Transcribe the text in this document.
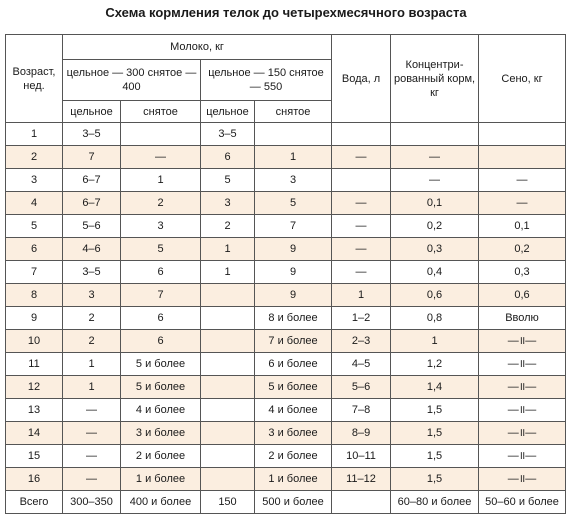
Схема кормления телок до четырехмесячного возраста
Возраст, нед.	Молоко, кг				Вода, л	Концентрированный корм, кг	Сено, кг
	цельное — 300 снятое — 400		цельное — 150 снятое — 550				
	цельное	снятое	цельное	снятое			
1	3–5		3–5				
2	7	—	6	1	—	—	
3	6–7	1	5	3		—	—
4	6–7	2	3	5	—	0,1	—
5	5–6	3	2	7	—	0,2	0,1
6	4–6	5	1	9	—	0,3	0,2
7	3–5	6	1	9	—	0,4	0,3
8	3	7		9	1	0,6	0,6
9	2	6		8 и более	1–2	0,8	Вволю
10	2	6		7 и более	2–3	1	—॥—
11	1	5 и более		6 и более	4–5	1,2	—॥—
12	1	5 и более		5 и более	5–6	1,4	—॥—
13	—	4 и более		4 и более	7–8	1,5	—॥—
14	—	3 и более		3 и более	8–9	1,5	—॥—
15	—	2 и более		2 и более	10–11	1,5	—॥—
16	—	1 и более		1 и более	11–12	1,5	—॥—
Всего	300–350	400 и более	150	500 и более		60–80 и более	50–60 и более
